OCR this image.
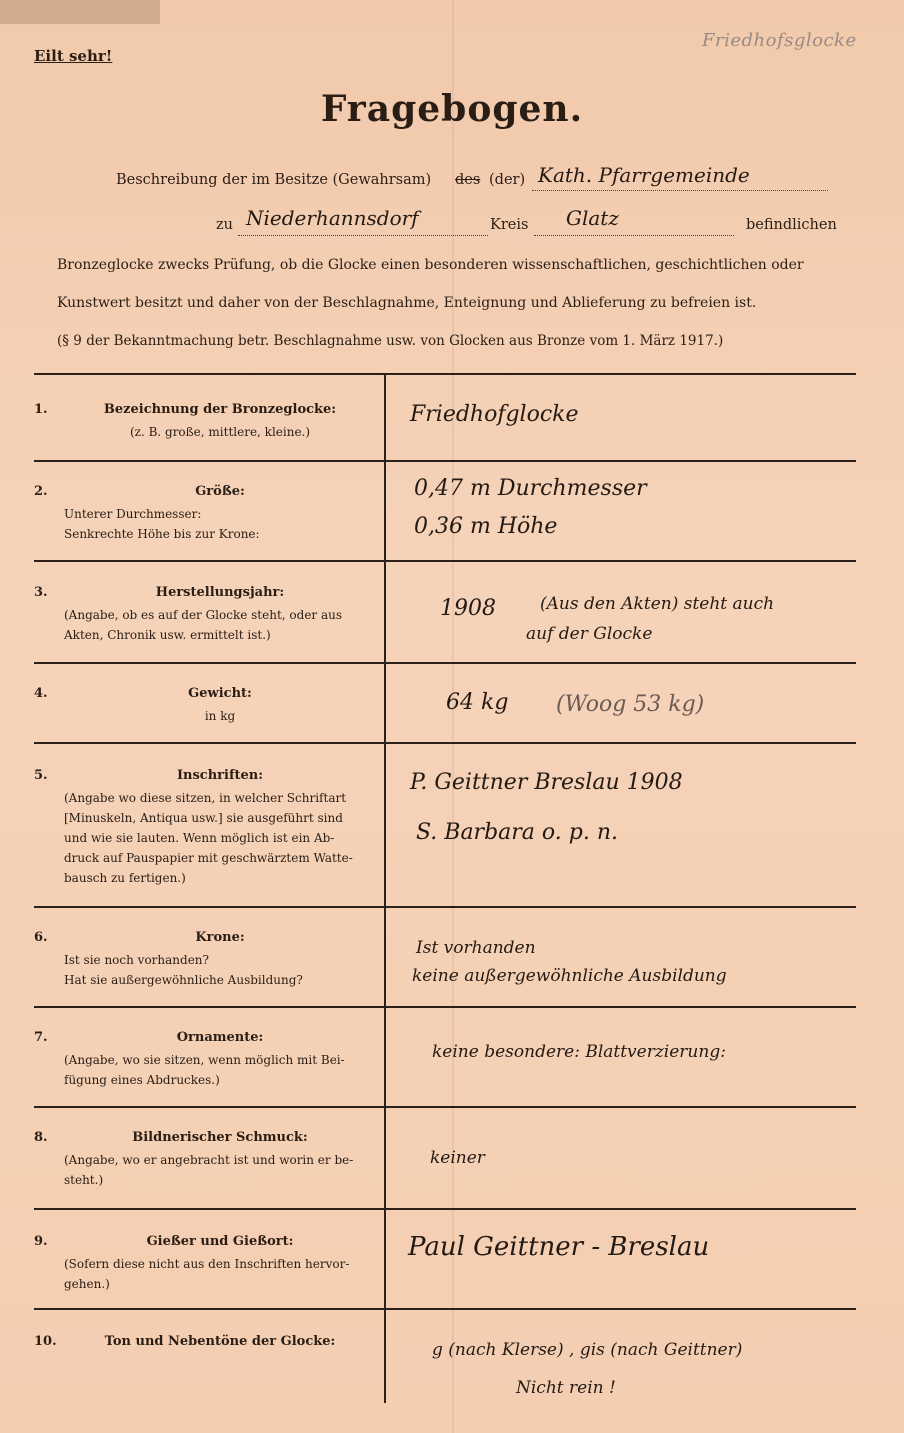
Eilt sehr!
Friedhofsglocke
Fragebogen.
Beschreibung der im Besitze (Gewahrsam) des (der) Kath. Pfarrgemeinde
zu Niederhannsdorf	Kreis Glatz	befindlichen
Bronzeglocke zwecks Prüfung, ob die Glocke einen besonderen wissenschaftlichen, geschichtlichen oder
Kunstwert besitzt und daher von der Beschlagnahme, Enteignung und Ablieferung zu befreien ist.
(§ 9 der Bekanntmachung betr. Beschlagnahme usw. von Glocken aus Bronze vom 1. März 1917.)
1.	Bezeichnung der Bronzeglocke:
(z. B. große, mittlere, kleine.)
Friedhofglocke
2.	Größe:
Unterer Durchmesser:
Senkrechte Höhe bis zur Krone:
0,47 m Durchmesser
0,36 m Höhe
3.	Herstellungsjahr:
(Angabe, ob es auf der Glocke steht, oder aus
Akten, Chronik usw. ermittelt ist.)
1908	(Aus den Akten) steht auch
auf der Glocke
4.	Gewicht:
in kg
64 kg (Woog 53 kg)
5.	Inschriften:
(Angabe wo diese sitzen, in welcher Schriftart
[Minuskeln, Antiqua usw.] sie ausgeführt sind
und wie sie lauten. Wenn möglich ist ein Ab-
druck auf Pauspapier mit geschwärztem Watte-
bausch zu fertigen.)
P. Geittner Breslau 1908
S. Barbara o. p. n.
6.	Krone:
Ist sie noch vorhanden?
Hat sie außergewöhnliche Ausbildung?
Ist vorhanden
keine außergewöhnliche Ausbildung
7.	Ornamente:
(Angabe, wo sie sitzen, wenn möglich mit Bei-
fügung eines Abdruckes.)
keine besondere: Blattverzierung:
8.	Bildnerischer Schmuck:
(Angabe, wo er angebracht ist und worin er be-
steht.)
keiner
9.	Gießer und Gießort:
(Sofern diese nicht aus den Inschriften hervor-
gehen.)
Paul Geittner - Breslau
10.	Ton und Nebentöne der Glocke:	g (nach Klerse) , gis (nach Geittner)
Nicht rein !
